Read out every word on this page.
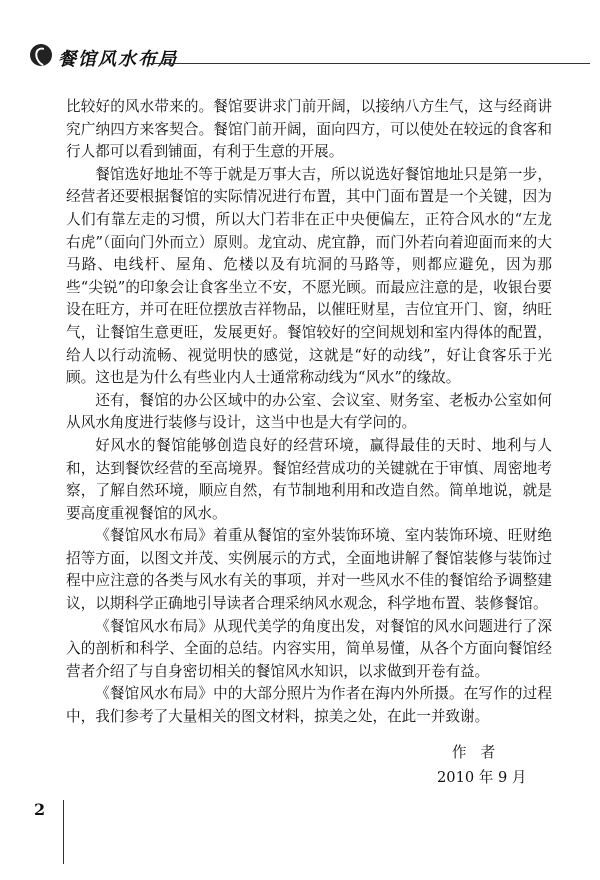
餐馆风水布局

比较好的风水带来的。餐馆要讲求门前开阔，以接纳八方生气，这与经商讲究广纳四方来客契合。餐馆门前开阔，面向四方，可以使处在较远的食客和行人都可以看到铺面，有利于生意的开展。

餐馆选好地址不等于就是万事大吉，所以说选好餐馆地址只是第一步，经营者还要根据餐馆的实际情况进行布置，其中门面布置是一个关键，因为人们有靠左走的习惯，所以大门若非在正中央便偏左，正符合风水的“左龙右虎”（面向门外而立）原则。龙宜动、虎宜静，而门外若向着迎面而来的大马路、电线杆、屋角、危楼以及有坑洞的马路等，则都应避免，因为那些“尖锐”的印象会让食客坐立不安，不愿光顾。而最应注意的是，收银台要设在旺方，并可在旺位摆放吉祥物品，以催旺财星，吉位宜开门、窗，纳旺气，让餐馆生意更旺，发展更好。餐馆较好的空间规划和室内得体的配置，给人以行动流畅、视觉明快的感觉，这就是“好的动线”，好让食客乐于光顾。这也是为什么有些业内人士通常称动线为“风水”的缘故。

还有，餐馆的办公区域中的办公室、会议室、财务室、老板办公室如何从风水角度进行装修与设计，这当中也是大有学问的。

好风水的餐馆能够创造良好的经营环境，赢得最佳的天时、地利与人和，达到餐饮经营的至高境界。餐馆经营成功的关键就在于审慎、周密地考察，了解自然环境，顺应自然，有节制地利用和改造自然。简单地说，就是要高度重视餐馆的风水。

《餐馆风水布局》着重从餐馆的室外装饰环境、室内装饰环境、旺财绝招等方面，以图文并茂、实例展示的方式，全面地讲解了餐馆装修与装饰过程中应注意的各类与风水有关的事项，并对一些风水不佳的餐馆给予调整建议，以期科学正确地引导读者合理采纳风水观念，科学地布置、装修餐馆。

《餐馆风水布局》从现代美学的角度出发，对餐馆的风水问题进行了深入的剖析和科学、全面的总结。内容实用，简单易懂，从各个方面向餐馆经营者介绍了与自身密切相关的餐馆风水知识，以求做到开卷有益。

《餐馆风水布局》中的大部分照片为作者在海内外所摄。在写作的过程中，我们参考了大量相关的图文材料，掠美之处，在此一并致谢。

作者
2010 年 9 月
2
